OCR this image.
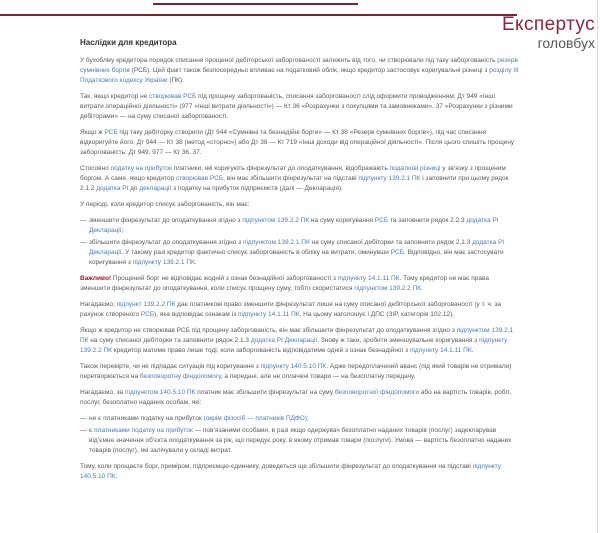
Експертус
головбух
Наслідки для кредитора

У бухобліку кредитора порядок списання прощеної дебіторської заборгованості залежить від того, чи створювали під таку заборгованість резерв сумнівних боргів (РСБ). Цей факт також безпосередньо впливає на податковий облік, якщо кредитор застосовує коригувальні різниці з розділу ІІІ Податкового кодексу України (ПК).

Так, якщо кредитор не створював РСБ під прощену заборгованість, списання заборгованості слід оформити проводженням: Дт 949 «Інші витрати операційної діяльності» (977 «Інші витрати діяльності») — Кт 36 «Розрахунки з покупцями та замовниками», 37 «Розрахунки з різними дебіторами» — на суму списаної заборгованості.

Якщо ж РСБ під таку дебіторку створили (Дт 944 «Сумнівні та безнадійні борги» — Кт 38 «Резерв сумнівних боргів»), під час списання відкоригуйте його: Дт 944 — Кт 38 (метод «сторно») або Дт 38 — Кт 719 «Інші доходи від операційної діяльності». Після цього спишіть прощену заборгованість: Дт 949, 977 — Кт 36, 37.

Стосовно податку на прибуток платники, які коригують фінрезультат до оподаткування, відображають податкові різниці у зв’язку з прощеним боргом. А саме, якщо кредитор створював РСБ, він має збільшити фінрезультат на підставі підпункту 139.2.1 ПК і заповнити при цьому рядок 2.1.2 додатка РІ до декларації з податку на прибуток підприємств (далі — Декларація).

У періоді, коли кредитор списує заборгованість, він має:

— зменшити фінрезультат до оподаткування згідно з підпунктом 139.2.2 ПК на суму коригування РСБ та заповнити рядок 2.2.3 додатка РІ Декларації;
— збільшити фінрезультат до оподаткування згідно з підпунктом 139.2.1 ПК на суму списаної дебіторки та заповнити рядок 2.1.3 додатка РІ Декларації. У такому разі кредитор фактично списує заборгованість в обліку на витрати, оминувши РСБ. Відповідно, він має застосувати коригування з підпункту 139.2.1 ПК.

Важливо! Прощений борг не відповідає жодній з ознак безнадійної заборгованості з підпункту 14.1.11 ПК. Тому кредитор не має права зменшити фінрезультат до оподаткування, коли списує прощену суму, тобто скористатися підпунктом 139.2.2 ПК.

Нагадаємо, підпункт 139.2.2 ПК дає платникові право зменшити фінрезультат лише на суму списаної дебіторської заборгованості (у т. ч. за рахунок створеного РСБ), яка відповідає ознакам із підпункту 14.1.11 ПК. На цьому наголошує і ДПС (ЗІР, категорія 102.12).

Якщо ж кредитор не створював РСБ під прощену заборгованість, він має збільшити фінрезультат до оподаткування згідно з підпунктом 139.2.1 ПК на суму списаної дебіторки та заповнити рядок 2.1.3 додатка РІ Декларації. Знову ж таки, зробити зменшувальне коригування з підпункту 139.2.2 ПК кредитор матиме право лише тоді, коли заборгованість відповідатиме одній з ознак безнадійної з підпункту 14.1.11 ПК.

Також перевірте, чи не підпадає ситуація під коригування з підпункту 140.5.10 ПК. Адже передоплачений аванс (під який товарів не отримали) перетворюється на безповоротну фіндопомогу, а передані, але не оплачені товари — на безоплатну передачу.

Нагадаємо, за підпунктом 140.5.10 ПК платник має збільшити фінрезультат на суму безповоротної фіндопомоги або на вартість товарів, робіт, послуг, безоплатно наданих особам, які:

— не є платниками податку на прибуток (окрім фізосіб — платників ПДФО);
— є платниками податку на прибуток — пов’язаними особами, в разі якщо одержувач безоплатно наданих товарів (послуг) задекларував від’ємне значення об’єкта оподаткування за рік, що передує року, в якому отримав товари (послуги). Умова — вартість безоплатно наданих товарів (послуг), які залічували у складі витрат.

Тому, коли прощаєте борг, приміром, підприємцю-єдиннику, доведеться ще збільшити фінрезультат до оподаткування на підставі підпункту 140.5.10 ПК.
